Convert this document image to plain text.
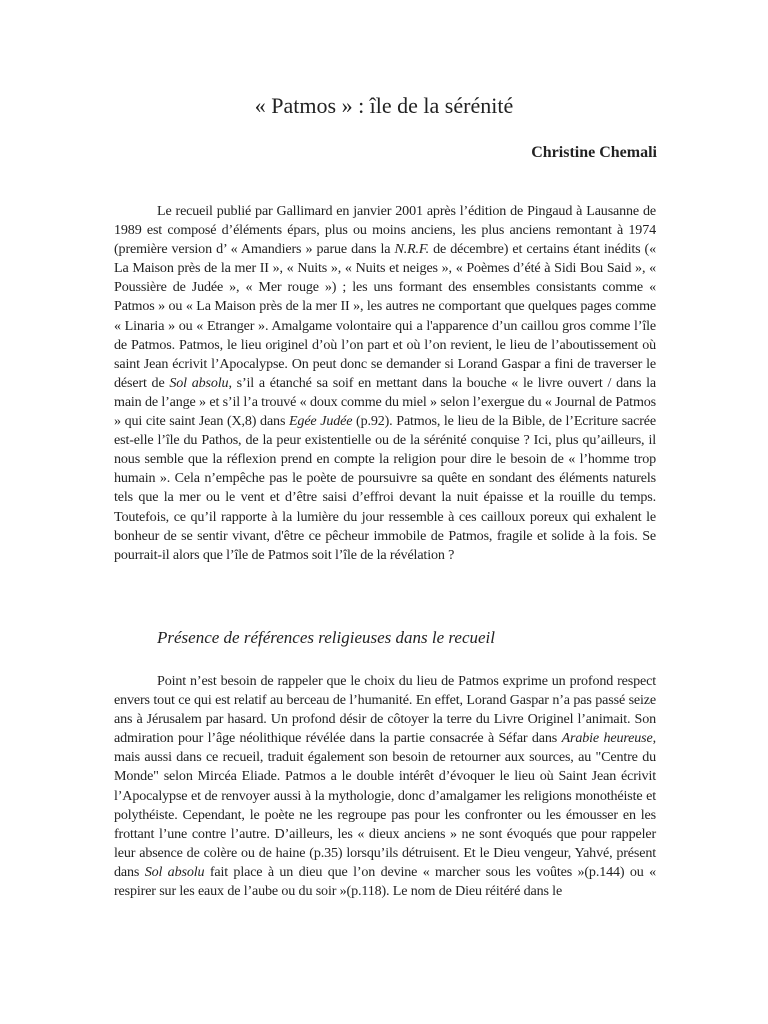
« Patmos » : île de la sérénité
Christine Chemali

Le recueil publié par Gallimard en janvier 2001 après l’édition de Pingaud à Lausanne de 1989 est composé d’éléments épars, plus ou moins anciens, les plus anciens remontant à 1974 (première version d’ « Amandiers » parue dans la N.R.F. de décembre) et certains étant inédits (« La Maison près de la mer II », « Nuits », « Nuits et neiges », « Poèmes d’été à Sidi Bou Said », « Poussière de Judée », « Mer rouge ») ; les uns formant des ensembles consistants comme « Patmos » ou « La Maison près de la mer II », les autres ne comportant que quelques pages comme « Linaria » ou « Etranger ». Amalgame volontaire qui a l'apparence d’un caillou gros comme l’île de Patmos. Patmos, le lieu originel d’où l’on part et où l’on revient, le lieu de l’aboutissement où saint Jean écrivit l’Apocalypse. On peut donc se demander si Lorand Gaspar a fini de traverser le désert de Sol absolu, s’il a étanché sa soif en mettant dans la bouche « le livre ouvert / dans la main de l’ange » et s’il l’a trouvé « doux comme du miel » selon l’exergue du « Journal de Patmos » qui cite saint Jean (X,8) dans Egée Judée (p.92). Patmos, le lieu de la Bible, de l’Ecriture sacrée est-elle l’île du Pathos, de la peur existentielle ou de la sérénité conquise ? Ici, plus qu’ailleurs, il nous semble que la réflexion prend en compte la religion pour dire le besoin de « l’homme trop humain ». Cela n’empêche pas le poète de poursuivre sa quête en sondant des éléments naturels tels que la mer ou le vent et d’être saisi d’effroi devant la nuit épaisse et la rouille du temps. Toutefois, ce qu’il rapporte à la lumière du jour ressemble à ces cailloux poreux qui exhalent le bonheur de se sentir vivant, d'être ce pêcheur immobile de Patmos, fragile et solide à la fois. Se pourrait-il alors que l’île de Patmos soit l’île de la révélation ?

Présence de références religieuses dans le recueil

Point n’est besoin de rappeler que le choix du lieu de Patmos exprime un profond respect envers tout ce qui est relatif au berceau de l’humanité. En effet, Lorand Gaspar n’a pas passé seize ans à Jérusalem par hasard. Un profond désir de côtoyer la terre du Livre Originel l’animait. Son admiration pour l’âge néolithique révélée dans la partie consacrée à Séfar dans Arabie heureuse, mais aussi dans ce recueil, traduit également son besoin de retourner aux sources, au "Centre du Monde" selon Mircéa Eliade. Patmos a le double intérêt d’évoquer le lieu où Saint Jean écrivit l’Apocalypse et de renvoyer aussi à la mythologie, donc d’amalgamer les religions monothéiste et polythéiste. Cependant, le poète ne les regroupe pas pour les confronter ou les émousser en les frottant l’une contre l’autre. D’ailleurs, les « dieux anciens » ne sont évoqués que pour rappeler leur absence de colère ou de haine (p.35) lorsqu’ils détruisent. Et le Dieu vengeur, Yahvé, présent dans Sol absolu fait place à un dieu que l’on devine « marcher sous les voûtes »(p.144) ou « respirer sur les eaux de l’aube ou du soir »(p.118). Le nom de Dieu réitéré dans le
